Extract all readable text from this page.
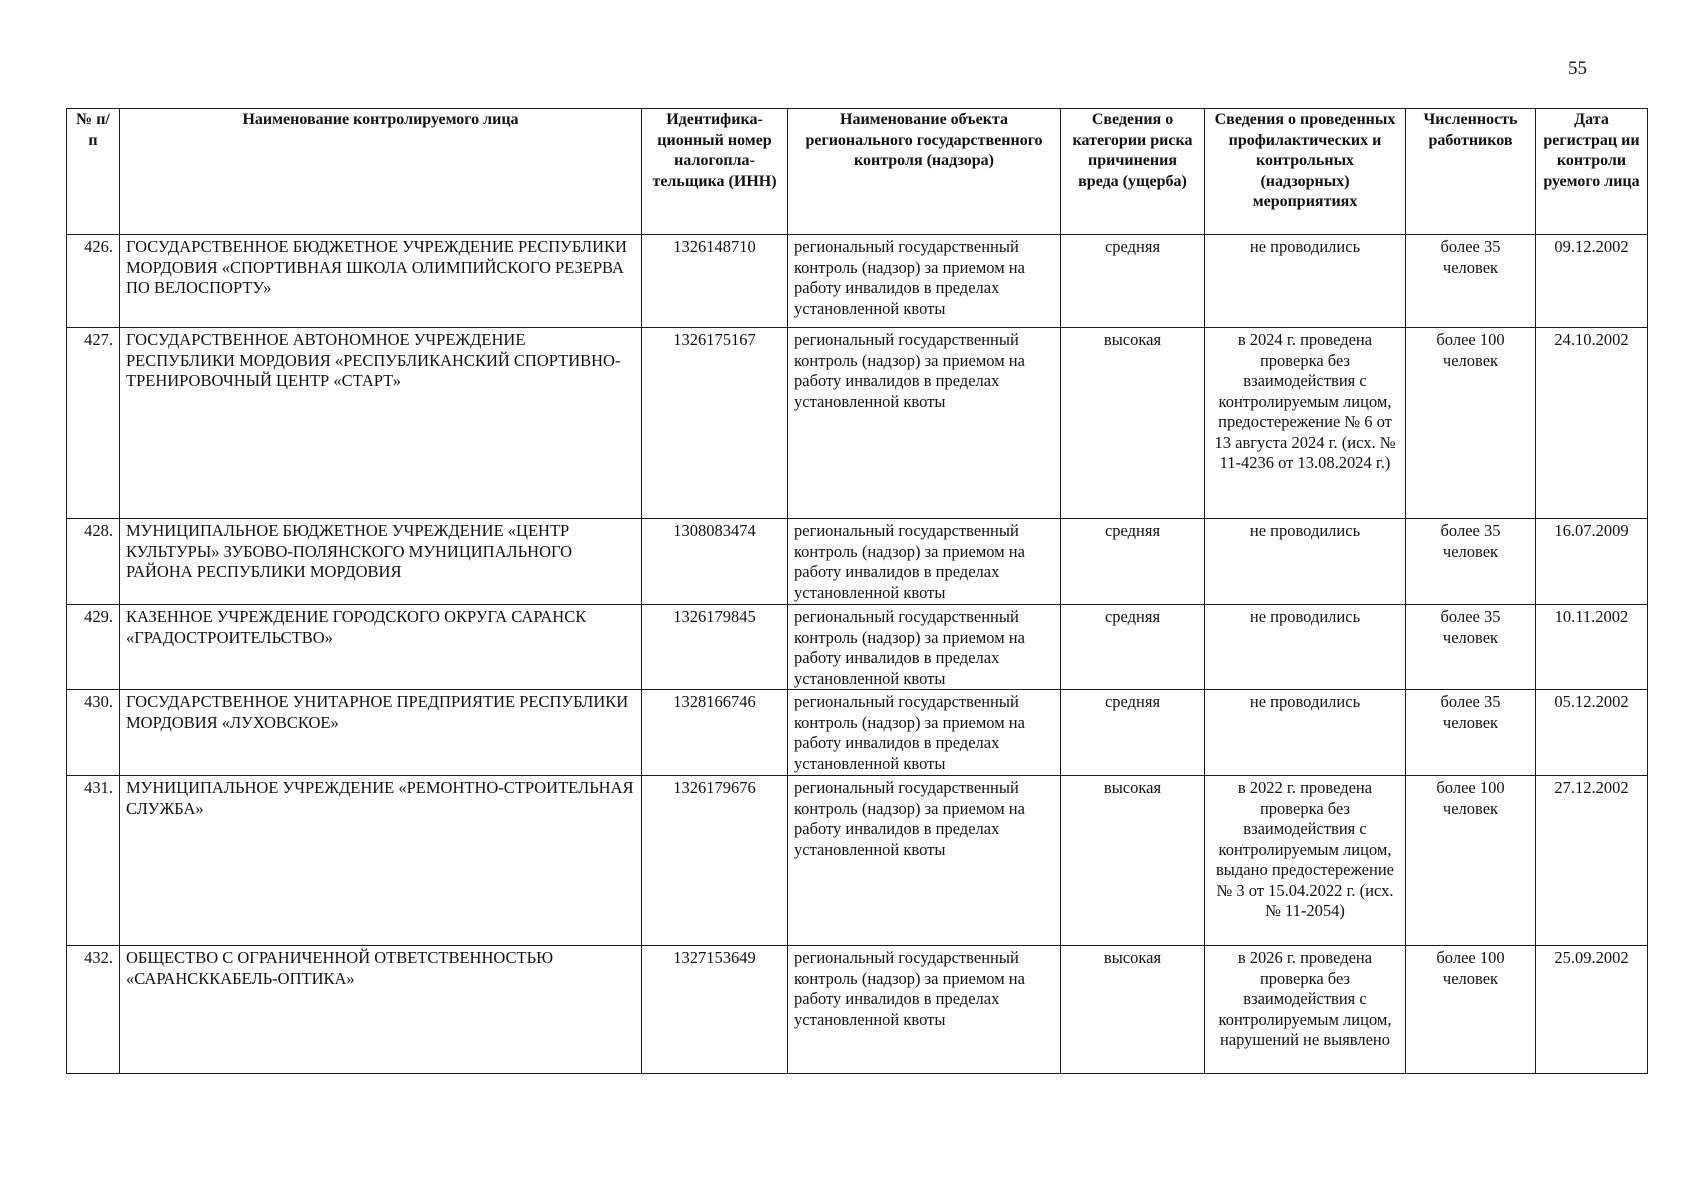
55
№ п/п	Наименование контролируемого лица	Идентифика-ционный номер налогопла-тельщика (ИНН)	Наименование объекта регионального государственного контроля (надзора)	Сведения о категории риска причинения вреда (ущерба)	Сведения о проведенных профилактических и контрольных (надзорных) мероприятиях	Численность работников	Дата регистрац ии контроли руемого лица
426.	ГОСУДАРСТВЕННОЕ БЮДЖЕТНОЕ УЧРЕЖДЕНИЕ РЕСПУБЛИКИ МОРДОВИЯ «СПОРТИВНАЯ ШКОЛА ОЛИМПИЙСКОГО РЕЗЕРВА ПО ВЕЛОСПОРТУ»	1326148710	региональный государственный контроль (надзор) за приемом на работу инвалидов в пределах установленной квоты	средняя	не проводились	более 35 человек	09.12.2002
427.	ГОСУДАРСТВЕННОЕ АВТОНОМНОЕ УЧРЕЖДЕНИЕ РЕСПУБЛИКИ МОРДОВИЯ «РЕСПУБЛИКАНСКИЙ СПОРТИВНО-ТРЕНИРОВОЧНЫЙ ЦЕНТР «СТАРТ»	1326175167	региональный государственный контроль (надзор) за приемом на работу инвалидов в пределах установленной квоты	высокая	в 2024 г. проведена проверка без взаимодействия с контролируемым лицом, предостережение № 6 от 13 августа 2024 г. (исх. № 11-4236 от 13.08.2024 г.)	более 100 человек	24.10.2002
428.	МУНИЦИПАЛЬНОЕ БЮДЖЕТНОЕ УЧРЕЖДЕНИЕ «ЦЕНТР КУЛЬТУРЫ» ЗУБОВО-ПОЛЯНСКОГО МУНИЦИПАЛЬНОГО РАЙОНА РЕСПУБЛИКИ МОРДОВИЯ	1308083474	региональный государственный контроль (надзор) за приемом на работу инвалидов в пределах установленной квоты	средняя	не проводились	более 35 человек	16.07.2009
429.	КАЗЕННОЕ УЧРЕЖДЕНИЕ ГОРОДСКОГО ОКРУГА САРАНСК «ГРАДОСТРОИТЕЛЬСТВО»	1326179845	региональный государственный контроль (надзор) за приемом на работу инвалидов в пределах установленной квоты	средняя	не проводились	более 35 человек	10.11.2002
430.	ГОСУДАРСТВЕННОЕ УНИТАРНОЕ ПРЕДПРИЯТИЕ РЕСПУБЛИКИ МОРДОВИЯ «ЛУХОВСКОЕ»	1328166746	региональный государственный контроль (надзор) за приемом на работу инвалидов в пределах установленной квоты	средняя	не проводились	более 35 человек	05.12.2002
431.	МУНИЦИПАЛЬНОЕ УЧРЕЖДЕНИЕ «РЕМОНТНО-СТРОИТЕЛЬНАЯ СЛУЖБА»	1326179676	региональный государственный контроль (надзор) за приемом на работу инвалидов в пределах установленной квоты	высокая	в 2022 г. проведена проверка без взаимодействия с контролируемым лицом, выдано предостережение № 3 от 15.04.2022 г. (исх. № 11-2054)	более 100 человек	27.12.2002
432.	ОБЩЕСТВО С ОГРАНИЧЕННОЙ ОТВЕТСТВЕННОСТЬЮ «САРАНСККАБЕЛЬ-ОПТИКА»	1327153649	региональный государственный контроль (надзор) за приемом на работу инвалидов в пределах установленной квоты	высокая	в 2026 г. проведена проверка без взаимодействия с контролируемым лицом, нарушений не выявлено	более 100 человек	25.09.2002
